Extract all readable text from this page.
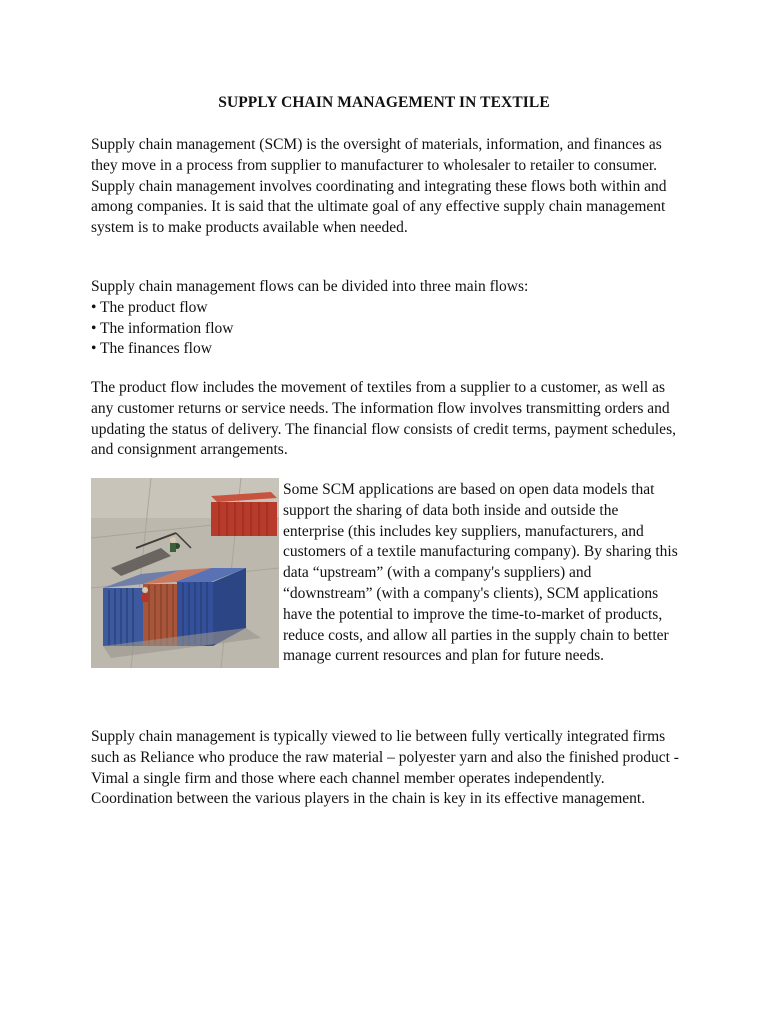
SUPPLY CHAIN MANAGEMENT IN TEXTILE

Supply chain management (SCM) is the oversight of materials, information, and finances as they move in a process from supplier to manufacturer to wholesaler to retailer to consumer. Supply chain management involves coordinating and integrating these flows both within and among companies. It is said that the ultimate goal of any effective supply chain management system is to make products available when needed.

Supply chain management flows can be divided into three main flows:
• The product flow
• The information flow
• The finances flow

The product flow includes the movement of textiles from a supplier to a customer, as well as any customer returns or service needs. The information flow involves transmitting orders and updating the status of delivery. The financial flow consists of credit terms, payment schedules, and consignment arrangements.

Some SCM applications are based on open data models that support the sharing of data both inside and outside the enterprise (this includes key suppliers, manufacturers, and customers of a textile manufacturing company). By sharing this data “upstream” (with a company's suppliers) and “downstream” (with a company's clients), SCM applications have the potential to improve the time-to-market of products, reduce costs, and allow all parties in the supply chain to better manage current resources and plan for future needs.

Supply chain management is typically viewed to lie between fully vertically integrated firms such as Reliance who produce the raw material – polyester yarn and also the finished product - Vimal a single firm and those where each channel member operates independently. Coordination between the various players in the chain is key in its effective management.
